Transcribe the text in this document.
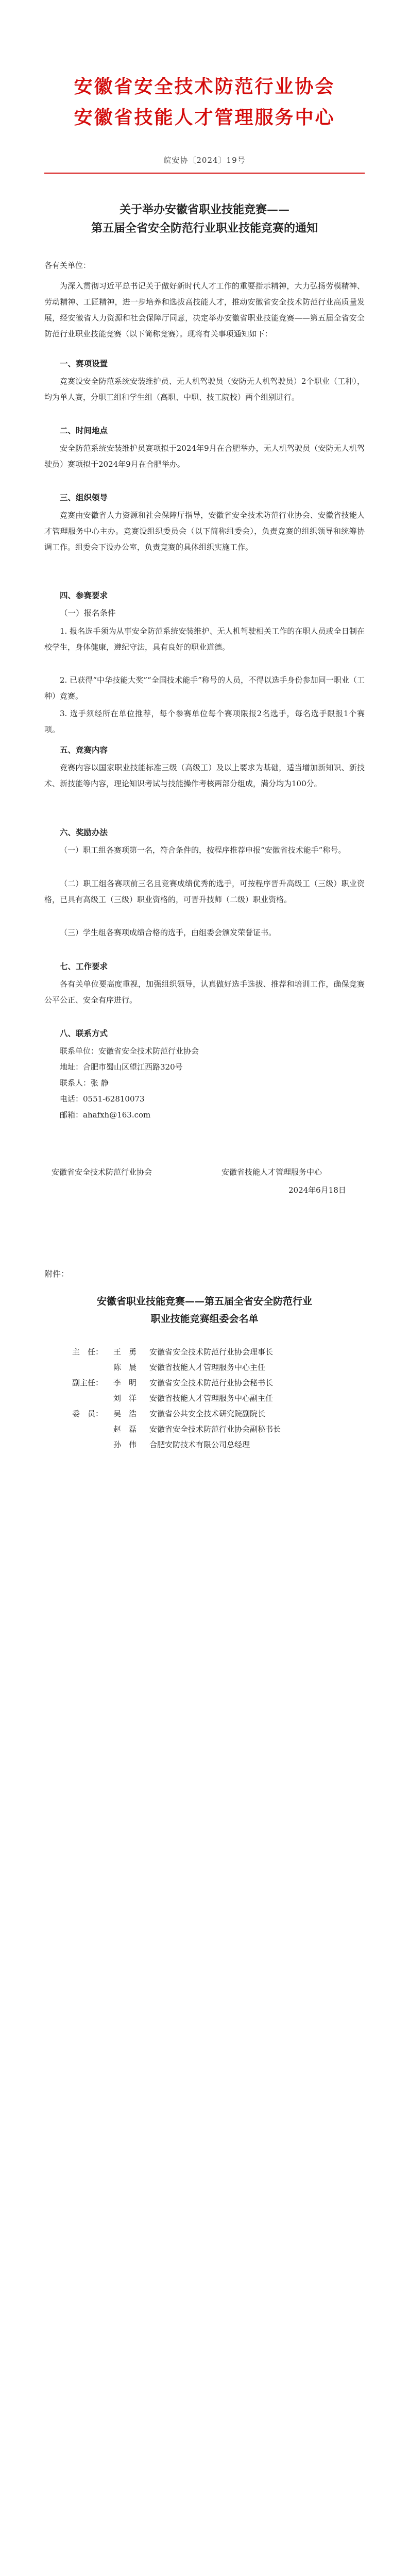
安徽省安全技术防范行业协会
安徽省技能人才管理服务中心
皖安协〔2024〕19号
关于举办安徽省职业技能竞赛——
第五届全省安全防范行业职业技能竞赛的通知
各有关单位：
为深入贯彻习近平总书记关于做好新时代人才工作的重要指示精神，大力弘扬劳模精神、劳动精神、工匠精神，进一步培养和选拔高技能人才，推动安徽省安全技术防范行业高质量发展，经安徽省人力资源和社会保障厅同意，决定举办安徽省职业技能竞赛——第五届全省安全防范行业职业技能竞赛（以下简称竞赛）。现将有关事项通知如下：
一、赛项设置
竞赛设安全防范系统安装维护员、无人机驾驶员（安防无人机驾驶员）2个职业（工种），均为单人赛，分职工组和学生组（高职、中职、技工院校）两个组别进行。
二、时间地点
安全防范系统安装维护员赛项拟于2024年9月在合肥举办，无人机驾驶员（安防无人机驾驶员）赛项拟于2024年9月在合肥举办。
三、组织领导
竞赛由安徽省人力资源和社会保障厅指导，安徽省安全技术防范行业协会、安徽省技能人才管理服务中心主办。竞赛设组织委员会（以下简称组委会），负责竞赛的组织领导和统筹协调工作。组委会下设办公室，负责竞赛的具体组织实施工作。
四、参赛要求
（一）报名条件
1. 报名选手须为从事安全防范系统安装维护、无人机驾驶相关工作的在职人员或全日制在校学生，身体健康，遵纪守法，具有良好的职业道德。
2. 已获得“中华技能大奖”“全国技术能手”称号的人员，不得以选手身份参加同一职业（工种）竞赛。
3. 选手须经所在单位推荐，每个参赛单位每个赛项限报2名选手，每名选手限报1个赛项。
五、竞赛内容
竞赛内容以国家职业技能标准三级（高级工）及以上要求为基础，适当增加新知识、新技术、新技能等内容，理论知识考试与技能操作考核两部分组成，满分均为100分。
六、奖励办法
（一）职工组各赛项第一名，符合条件的，按程序推荐申报“安徽省技术能手”称号。
（二）职工组各赛项前三名且竞赛成绩优秀的选手，可按程序晋升高级工（三级）职业资格，已具有高级工（三级）职业资格的，可晋升技师（二级）职业资格。
（三）学生组各赛项成绩合格的选手，由组委会颁发荣誉证书。
七、工作要求
各有关单位要高度重视，加强组织领导，认真做好选手选拔、推荐和培训工作，确保竞赛公平公正、安全有序进行。
八、联系方式
联系单位：安徽省安全技术防范行业协会
地址：合肥市蜀山区望江西路320号
联系人：张 静
电话：0551-62810073
邮箱：ahafxh@163.com
安徽省安全技术防范行业协会	安徽省技能人才管理服务中心
2024年6月18日
附件：
安徽省职业技能竞赛——第五届全省安全防范行业
职业技能竞赛组委会名单
主　任：	王　勇	安徽省安全技术防范行业协会理事长
陈　晨	安徽省技能人才管理服务中心主任
副主任：	李　明	安徽省安全技术防范行业协会秘书长
刘　洋	安徽省技能人才管理服务中心副主任
委　员：	吴　浩	安徽省公共安全技术研究院副院长
赵　磊	安徽省安全技术防范行业协会副秘书长
孙　伟	合肥安防技术有限公司总经理
